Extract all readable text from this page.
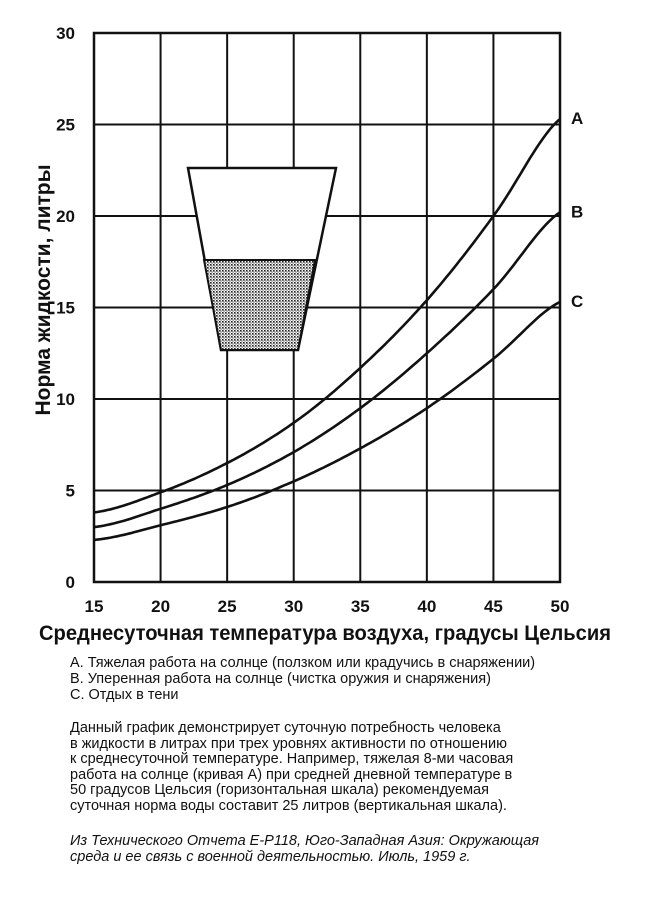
A
B
C
15	20	25	30	35	40	45	50
0
5
10
15
20
25
30
Норма жидкости, литры
Среднесуточная температура воздуха, градусы Цельсия
A. Тяжелая работа на солнце (ползком или крадучись в снаряжении)
B. Уперенная работа на солнце (чистка оружия и снаряжения)
C. Отдых в тени
Данный график демонстрирует суточную потребность человека
в жидкости в литрах при трех уровнях активности по отношению
к среднесуточной температуре. Например, тяжелая 8-ми часовая
работа на солнце (кривая А) при средней дневной температуре в
50 градусов Цельсия (горизонтальная шкала) рекомендуемая
суточная норма воды составит 25 литров (вертикальная шкала).
Из Технического Отчета E-P118, Юго-Западная Азия: Окружающая
среда и ее связь с военной деятельностью. Июль, 1959 г.
